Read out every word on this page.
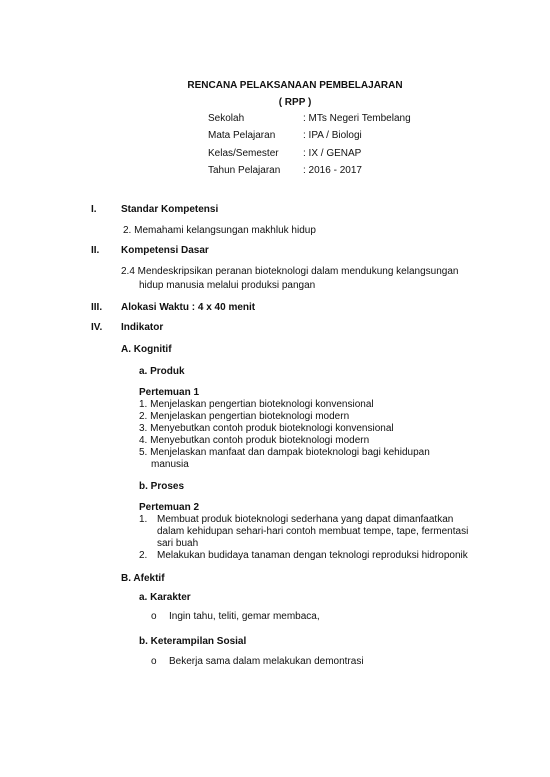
RENCANA PELAKSANAAN PEMBELAJARAN
( RPP )
Sekolah	: MTs Negeri Tembelang
Mata Pelajaran	: IPA / Biologi
Kelas/Semester : IX / GENAP
Tahun Pelajaran : 2016 - 2017
I. Standar Kompetensi
2. Memahami kelangsungan makhluk hidup
II. Kompetensi Dasar
2.4 Mendeskripsikan peranan bioteknologi dalam mendukung kelangsungan
hidup manusia melalui produksi pangan
III. Alokasi Waktu : 4 x 40 menit
IV. Indikator
A. Kognitif
a. Produk
Pertemuan 1
1. Menjelaskan pengertian bioteknologi konvensional
2. Menjelaskan pengertian bioteknologi modern
3. Menyebutkan contoh produk bioteknologi konvensional
4. Menyebutkan contoh produk bioteknologi modern
5. Menjelaskan manfaat dan dampak bioteknologi bagi kehidupan
manusia
b. Proses
Pertemuan 2
1. Membuat produk bioteknologi sederhana yang dapat dimanfaatkan
dalam kehidupan sehari-hari contoh membuat tempe, tape, fermentasi
sari buah
2. Melakukan budidaya tanaman dengan teknologi reproduksi hidroponik
B. Afektif
a. Karakter
o Ingin tahu, teliti, gemar membaca,
b. Keterampilan Sosial
o Bekerja sama dalam melakukan demontrasi
